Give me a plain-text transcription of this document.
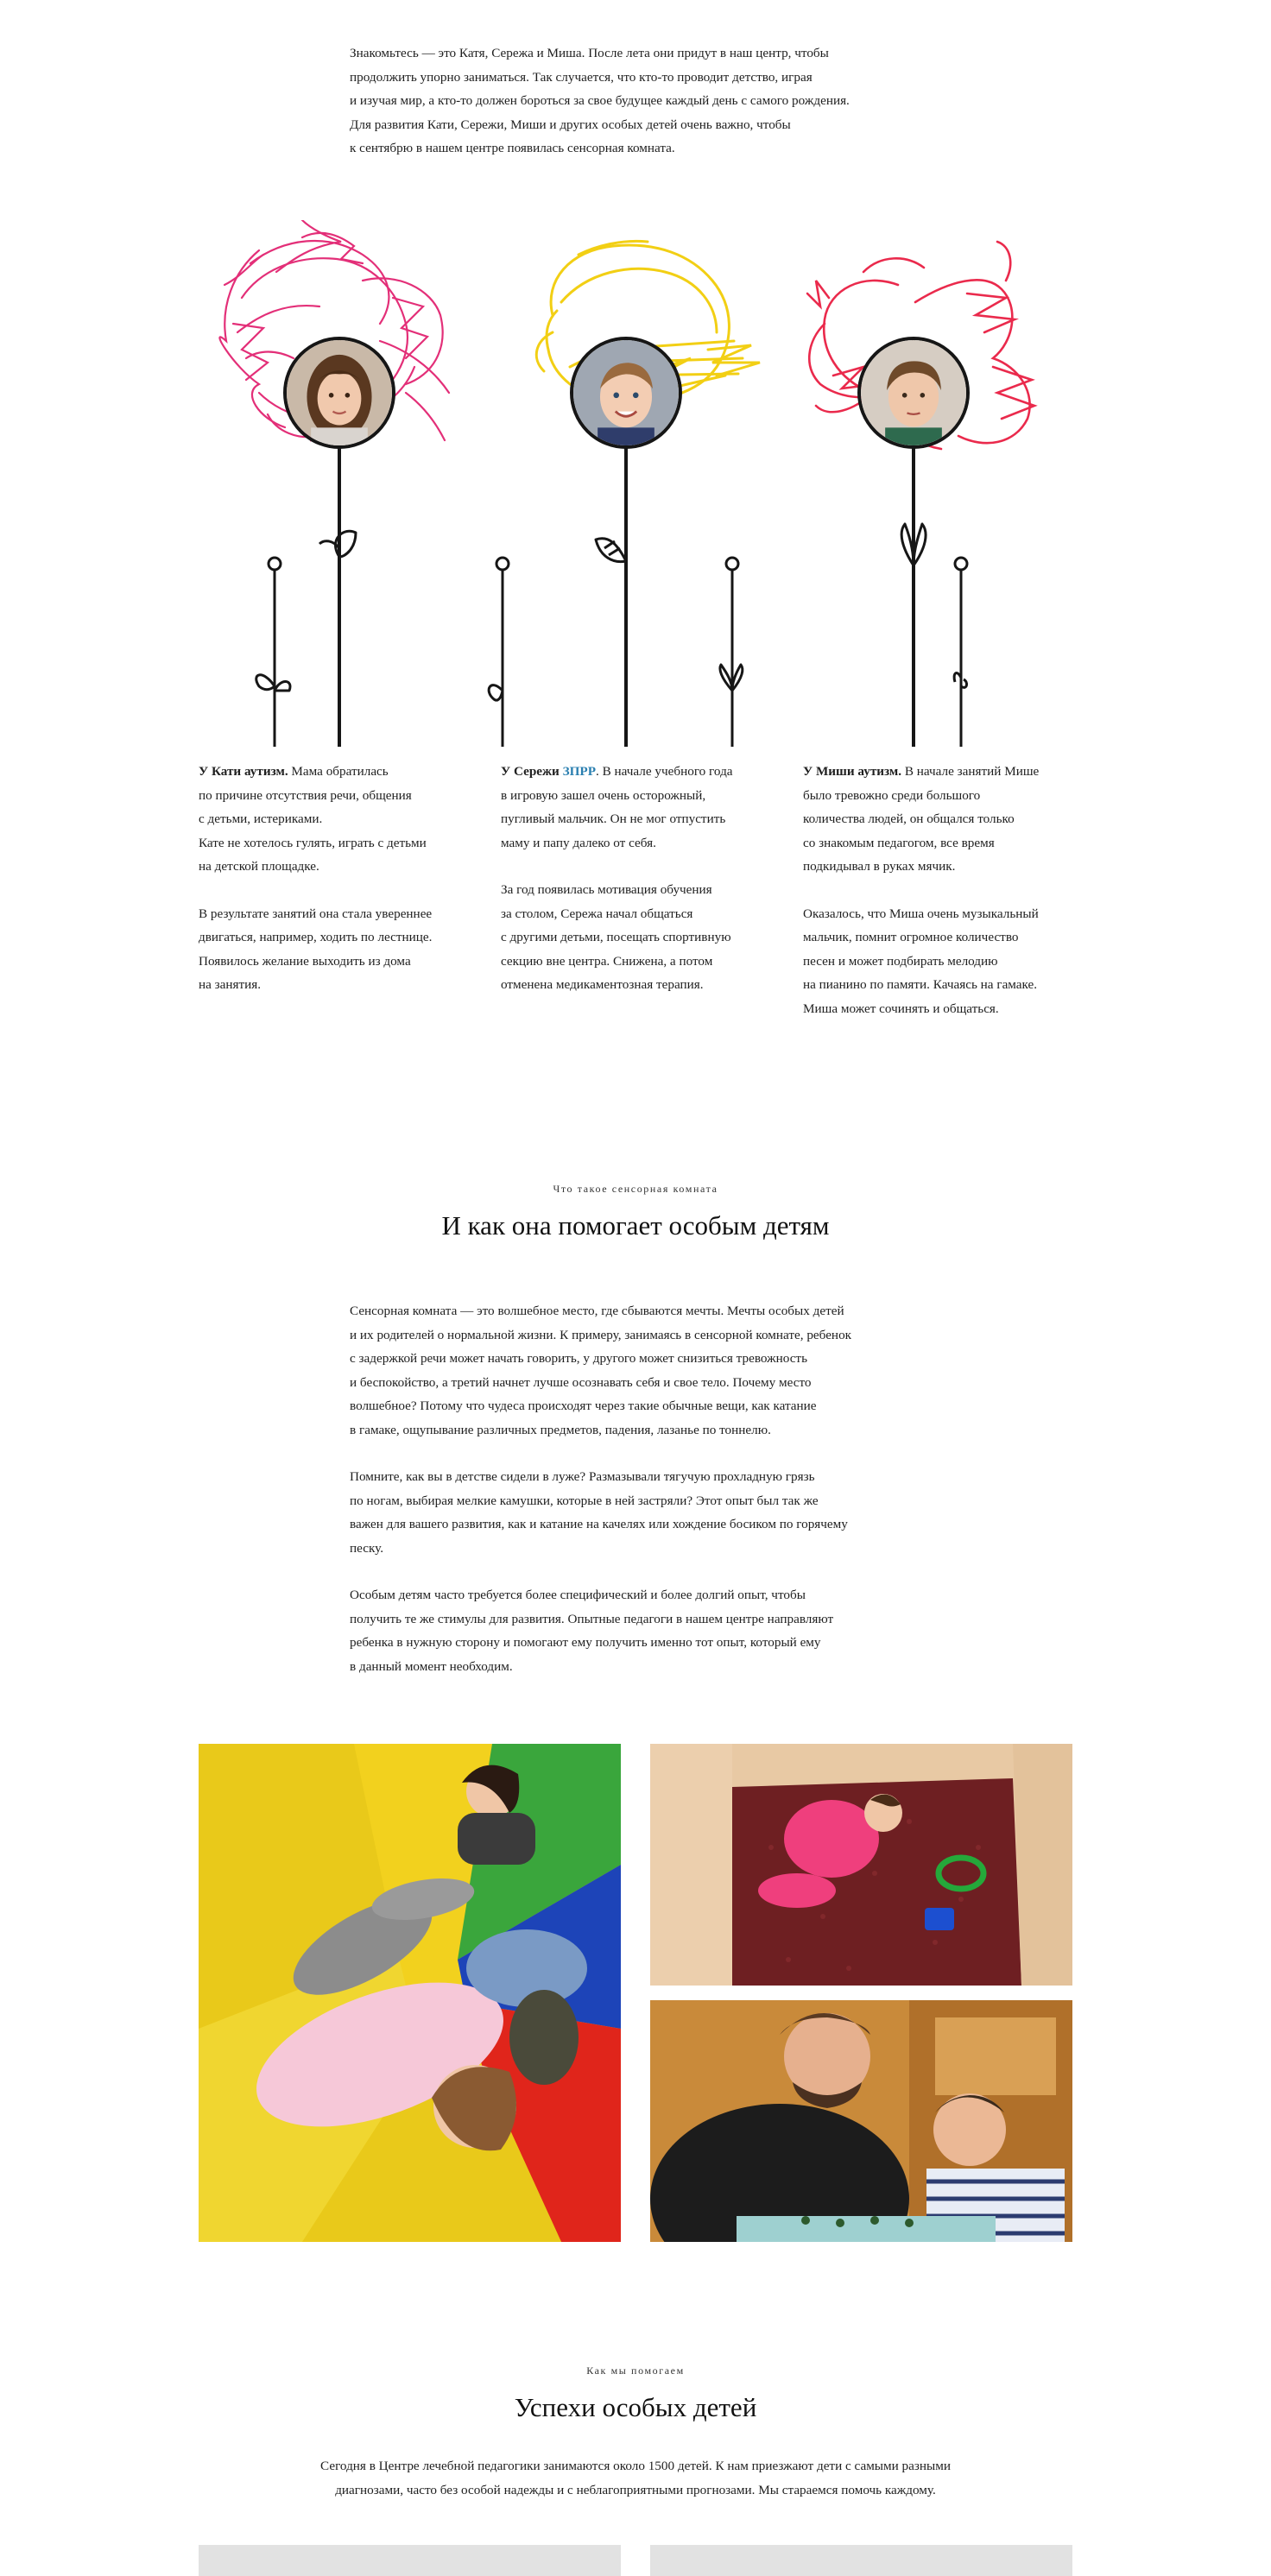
Знакомьтесь — это Катя, Сережа и Миша. После лета они придут в наш центр, чтобы
продолжить упорно заниматься. Так случается, что кто-то проводит детство, играя
и изучая мир, а кто-то должен бороться за свое будущее каждый день с самого рождения.
Для развития Кати, Сережи, Миши и других особых детей очень важно, чтобы
к сентябрю в нашем центре появилась сенсорная комната.

У Кати аутизм. Мама обратилась
по причине отсутствия речи, общения
с детьми, истериками.
Кате не хотелось гулять, играть с детьми
на детской площадке.

В результате занятий она стала увереннее
двигаться, например, ходить по лестнице.
Появилось желание выходить из дома
на занятия.

У Сережи ЗПРР. В начале учебного года
в игровую зашел очень осторожный,
пугливый мальчик. Он не мог отпустить
маму и папу далеко от себя.

За год появилась мотивация обучения
за столом, Сережа начал общаться
с другими детьми, посещать спортивную
секцию вне центра. Снижена, а потом
отменена медикаментозная терапия.

У Миши аутизм. В начале занятий Мише
было тревожно среди большого
количества людей, он общался только
со знакомым педагогом, все время
подкидывал в руках мячик.

Оказалось, что Миша очень музыкальный
мальчик, помнит огромное количество
песен и может подбирать мелодию
на пианино по памяти. Качаясь на гамаке.
Миша может сочинять и общаться.

Что такое сенсорная комната
И как она помогает особым детям

Сенсорная комната — это волшебное место, где сбываются мечты. Мечты особых детей
и их родителей о нормальной жизни. К примеру, занимаясь в сенсорной комнате, ребенок
с задержкой речи может начать говорить, у другого может снизиться тревожность
и беспокойство, а третий начнет лучше осознавать себя и свое тело. Почему место
волшебное? Потому что чудеса происходят через такие обычные вещи, как катание
в гамаке, ощупывание различных предметов, падения, лазанье по тоннелю.

Помните, как вы в детстве сидели в луже? Размазывали тягучую прохладную грязь
по ногам, выбирая мелкие камушки, которые в ней застряли? Этот опыт был так же
важен для вашего развития, как и катание на качелях или хождение босиком по горячему
песку.

Особым детям часто требуется более специфический и более долгий опыт, чтобы
получить те же стимулы для развития. Опытные педагоги в нашем центре направляют
ребенка в нужную сторону и помогают ему получить именно тот опыт, который ему
в данный момент необходим.

Как мы помогаем
Успехи особых детей
Сегодня в Центре лечебной педагогики занимаются около 1500 детей. К нам приезжают дети с самыми разными
диагнозами, часто без особой надежды и с неблагоприятными прогнозами. Мы стараемся помочь каждому.
